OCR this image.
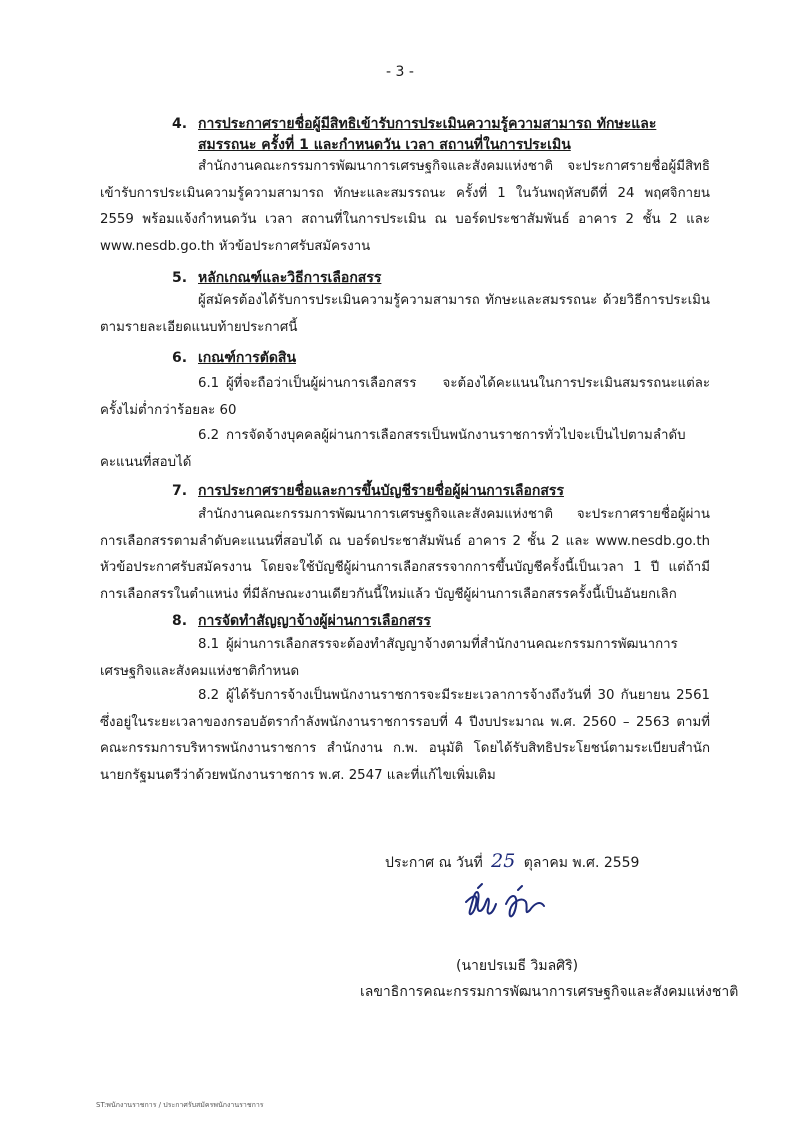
- 3 -
4. การประกาศรายชื่อผู้มีสิทธิเข้ารับการประเมินความรู้ความสามารถ ทักษะและ
สมรรถนะ ครั้งที่ 1 และกำหนดวัน เวลา สถานที่ในการประเมิน
สำนักงานคณะกรรมการพัฒนาการเศรษฐกิจและสังคมแห่งชาติ จะประกาศรายชื่อผู้มีสิทธิเข้ารับการประเมินความรู้ความสามารถ ทักษะและสมรรถนะ ครั้งที่ 1 ในวันพฤหัสบดีที่ 24 พฤศจิกายน 2559 พร้อมแจ้งกำหนดวัน เวลา สถานที่ในการประเมิน ณ บอร์ดประชาสัมพันธ์ อาคาร 2 ชั้น 2 และ www.nesdb.go.th หัวข้อประกาศรับสมัครงาน
5. หลักเกณฑ์และวิธีการเลือกสรร
ผู้สมัครต้องได้รับการประเมินความรู้ความสามารถ ทักษะและสมรรถนะ ด้วยวิธีการประเมิน ตามรายละเอียดแนบท้ายประกาศนี้
6. เกณฑ์การตัดสิน
6.1 ผู้ที่จะถือว่าเป็นผู้ผ่านการเลือกสรร จะต้องได้คะแนนในการประเมินสมรรถนะแต่ละครั้งไม่ต่ำกว่าร้อยละ 60
6.2 การจัดจ้างบุคคลผู้ผ่านการเลือกสรรเป็นพนักงานราชการทั่วไปจะเป็นไปตามลำดับคะแนนที่สอบได้
7. การประกาศรายชื่อและการขึ้นบัญชีรายชื่อผู้ผ่านการเลือกสรร
สำนักงานคณะกรรมการพัฒนาการเศรษฐกิจและสังคมแห่งชาติ จะประกาศรายชื่อผู้ผ่านการเลือกสรรตามลำดับคะแนนที่สอบได้ ณ บอร์ดประชาสัมพันธ์ อาคาร 2 ชั้น 2 และ www.nesdb.go.th หัวข้อประกาศรับสมัครงาน โดยจะใช้บัญชีผู้ผ่านการเลือกสรรจากการขึ้นบัญชีครั้งนี้เป็นเวลา 1 ปี แต่ถ้ามีการเลือกสรรในตำแหน่ง ที่มีลักษณะงานเดียวกันนี้ใหม่แล้ว บัญชีผู้ผ่านการเลือกสรรครั้งนี้เป็นอันยกเลิก
8. การจัดทำสัญญาจ้างผู้ผ่านการเลือกสรร
8.1 ผู้ผ่านการเลือกสรรจะต้องทำสัญญาจ้างตามที่สำนักงานคณะกรรมการพัฒนาการเศรษฐกิจและสังคมแห่งชาติกำหนด
8.2 ผู้ได้รับการจ้างเป็นพนักงานราชการจะมีระยะเวลาการจ้างถึงวันที่ 30 กันยายน 2561 ซึ่งอยู่ในระยะเวลาของกรอบอัตรากำลังพนักงานราชการรอบที่ 4 ปีงบประมาณ พ.ศ. 2560 – 2563 ตามที่คณะกรรมการบริหารพนักงานราชการ สำนักงาน ก.พ. อนุมัติ โดยได้รับสิทธิประโยชน์ตามระเบียบสำนักนายกรัฐมนตรีว่าด้วยพนักงานราชการ พ.ศ. 2547 และที่แก้ไขเพิ่มเติม
ประกาศ ณ วันที่ 25 ตุลาคม พ.ศ. 2559
(นายปรเมธี วิมลศิริ)
เลขาธิการคณะกรรมการพัฒนาการเศรษฐกิจและสังคมแห่งชาติ
ST:พนักงานราชการ / ประกาศรับสมัครพนักงานราชการ
